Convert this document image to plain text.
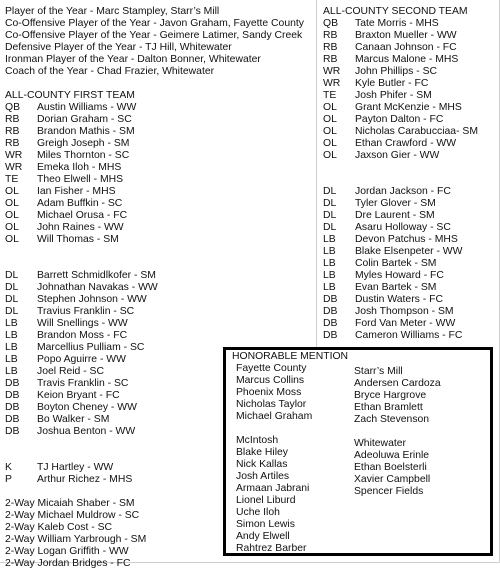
Player of the Year - Marc Stampley, Starr’s Mill
Co-Offensive Player of the Year - Javon Graham, Fayette County
Co-Offensive Player of the Year - Geimere Latimer, Sandy Creek
Defensive Player of the Year - TJ Hill, Whitewater
Ironman Player of the Year - Dalton Bonner, Whitewater
Coach of the Year - Chad Frazier, Whitewater
ALL-COUNTY FIRST TEAM
QB	Austin Williams - WW
RB	Dorian Graham - SC
RB	Brandon Mathis - SM
RB	Greigh Joseph - SM
WR	Miles Thornton - SC
WR	Emeka Iloh - MHS
TE	Theo Elwell - MHS
OL	Ian Fisher - MHS
OL	Adam Buffkin - SC
OL	Michael Orusa - FC
OL	John Raines - WW
OL	Will Thomas - SM
DL	Barrett Schmidlkofer - SM
DL	Johnathan Navakas - WW
DL	Stephen Johnson - WW
DL	Travius Franklin - SC
LB	Will Snellings - WW
LB	Brandon Moss - FC
LB	Marcellius Pulliam - SC
LB	Popo Aguirre - WW
LB	Joel Reid - SC
DB	Travis Franklin - SC
DB	Keion Bryant - FC
DB	Boyton Cheney - WW
DB	Bo Walker - SM
DB	Joshua Benton - WW
K	TJ Hartley - WW
P	Arthur Richez - MHS
2-Way Micaiah Shaber - SM
2-Way Michael Muldrow - SC
2-Way Kaleb Cost - SC
2-Way William Yarbrough - SM
2-Way Logan Griffith - WW
2-Way Jordan Bridges - FC
ALL-COUNTY SECOND TEAM
QB	Tate Morris - MHS
RB	Braxton Mueller - WW
RB	Canaan Johnson - FC
RB	Marcus Malone - MHS
WR	John Phillips - SC
WR	Kyle Butler - FC
TE	Josh Phifer - SM
OL	Grant McKenzie - MHS
OL	Payton Dalton - FC
OL	Nicholas Carabucciaa- SM
OL	Ethan Crawford - WW
OL	Jaxson Gier - WW
DL	Jordan Jackson - FC
DL	Tyler Glover - SM
DL	Dre Laurent - SM
DL	Asaru Holloway - SC
LB	Devon Patchus - MHS
LB	Blake Elsenpeter - WW
LB	Colin Bartek - SM
LB	Myles Howard - FC
LB	Evan Bartek - SM
DB	Dustin Waters - FC
DB	Josh Thompson - SM
DB	Ford Van Meter - WW
DB	Cameron Williams - FC
HONORABLE MENTION
Fayette County
Marcus Collins
Phoenix Moss
Nicholas Taylor
Michael Graham
McIntosh
Blake Hiley
Nick Kallas
Josh Artiles
Armaan Jabrani
Lionel Liburd
Uche Iloh
Simon Lewis
Andy Elwell
Rahtrez Barber
Starr’s Mill
Andersen Cardoza
Bryce Hargrove
Ethan Bramlett
Zach Stevenson
Whitewater
Adeoluwa Erinle
Ethan Boelsterli
Xavier Campbell
Spencer Fields
